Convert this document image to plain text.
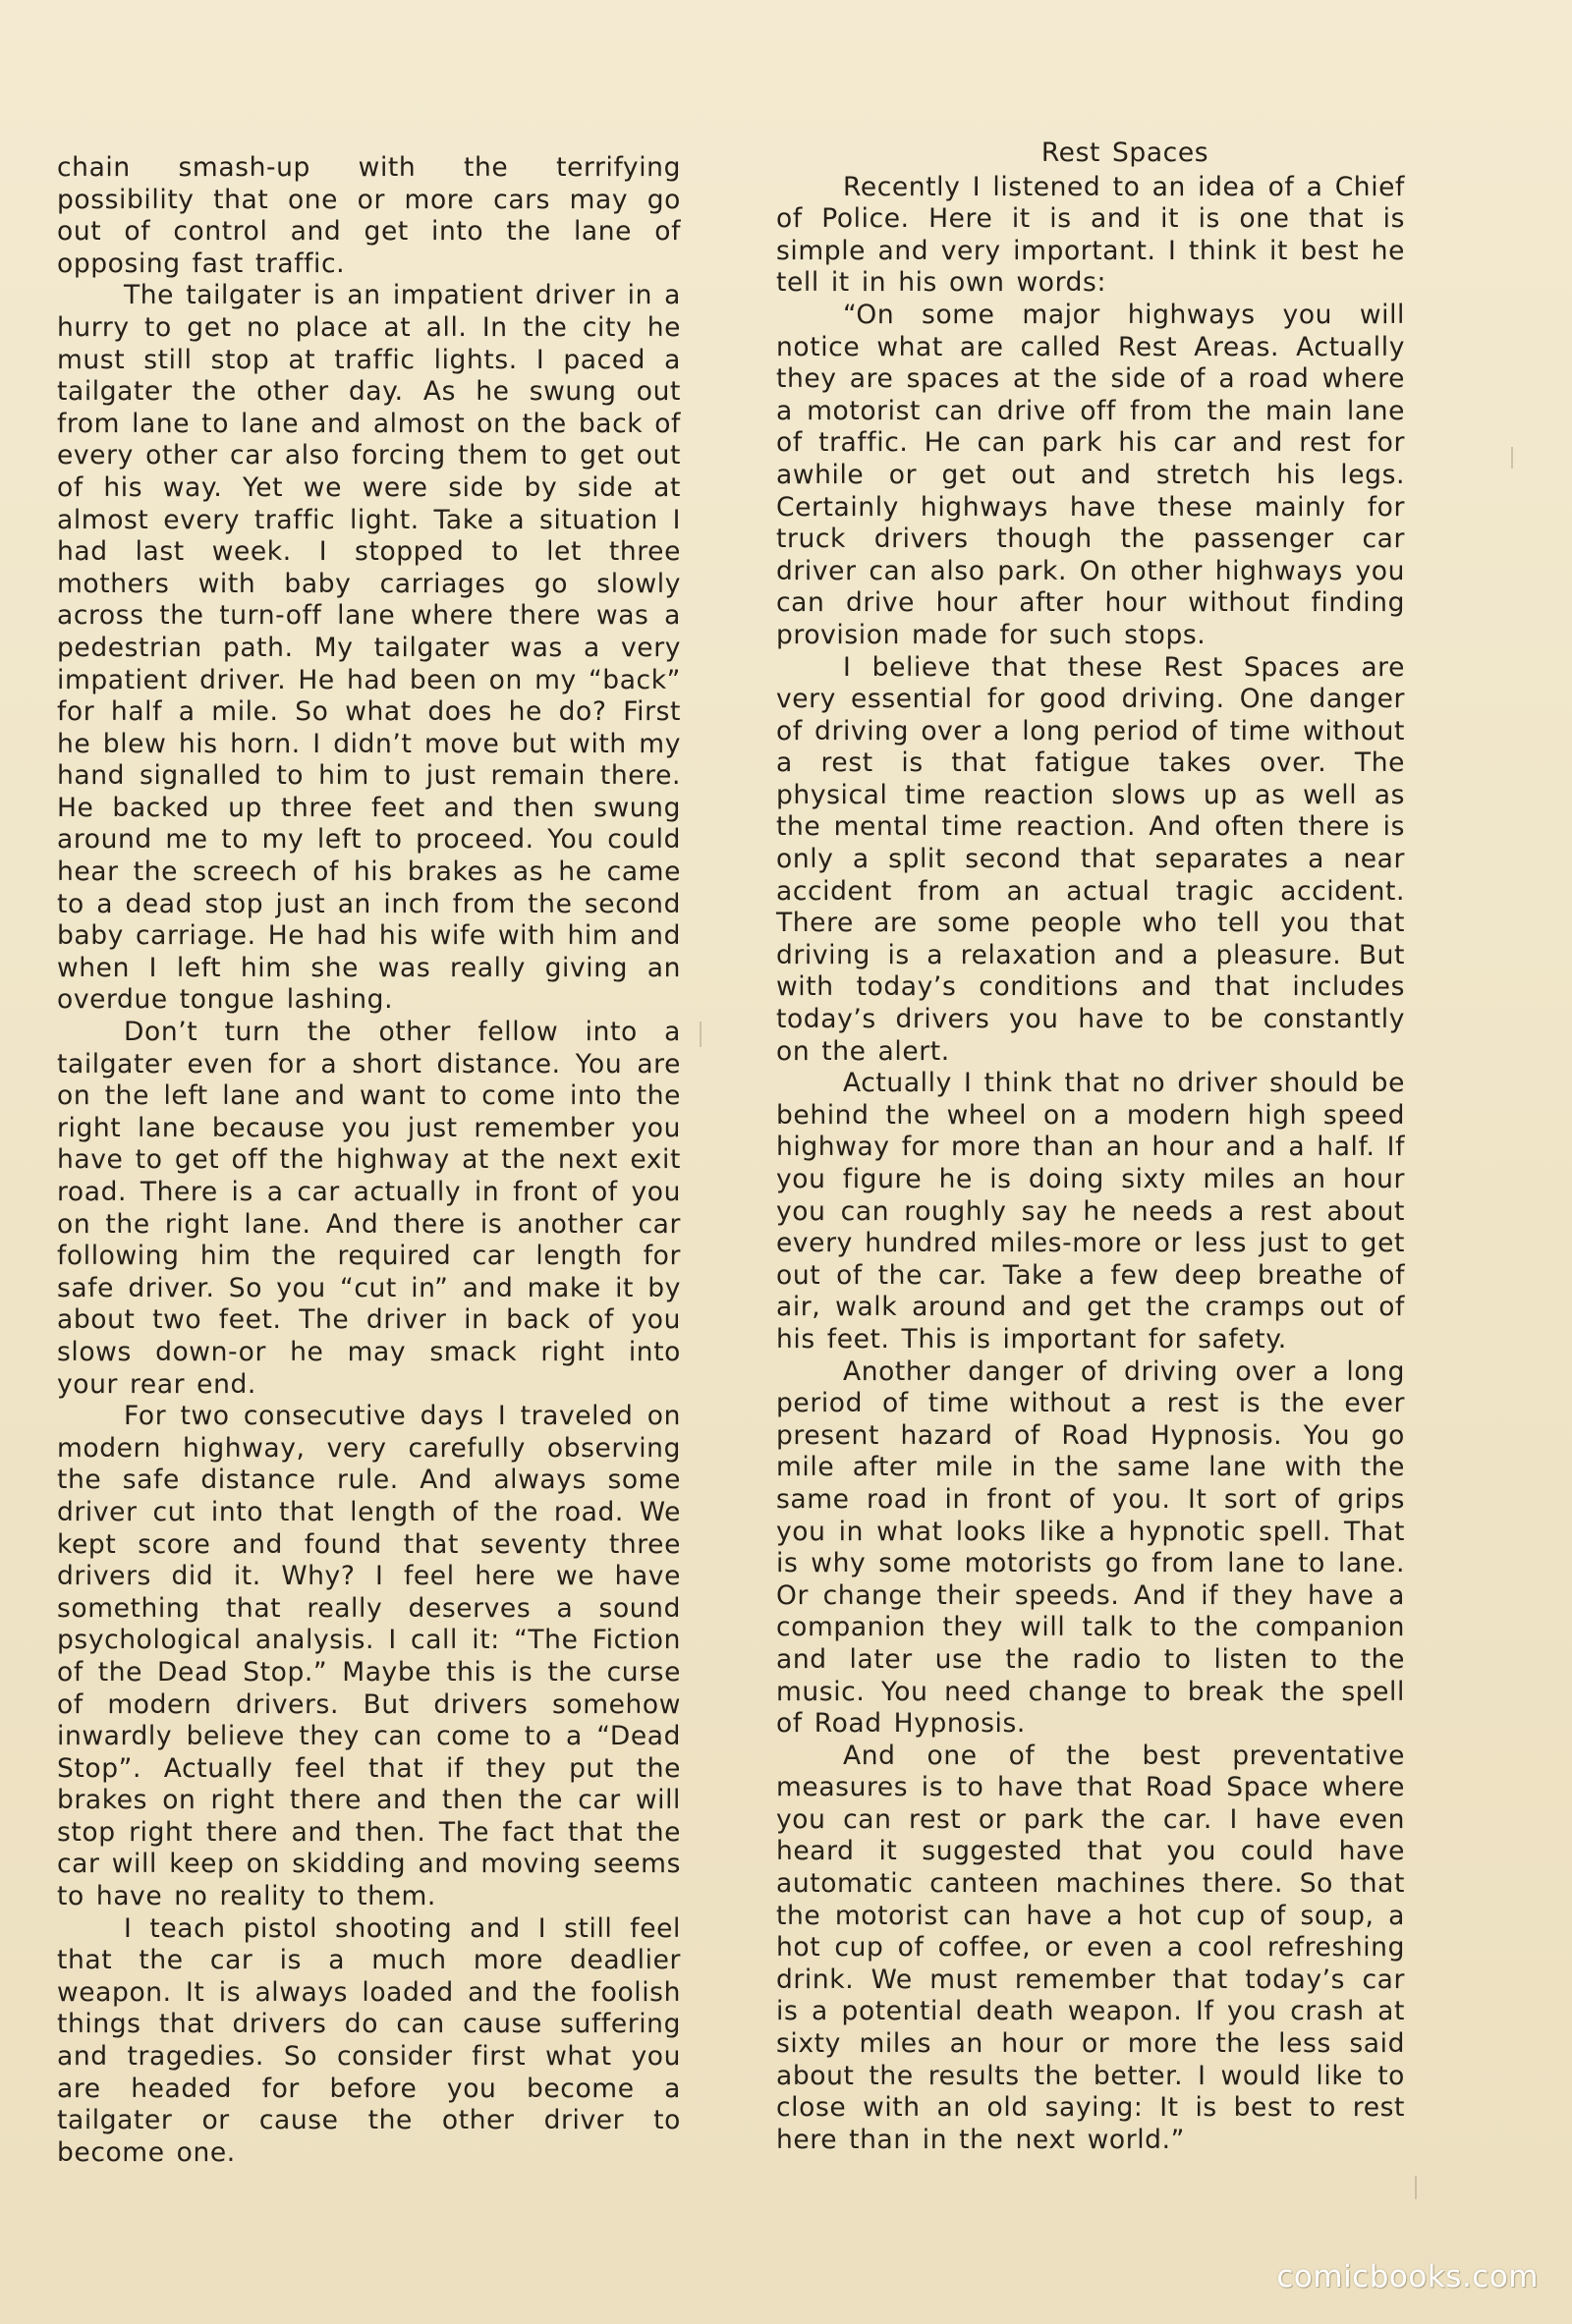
chain smash-up with the terrifying possibility that one or more cars may go out of control and get into the lane of opposing fast traffic.

The tailgater is an impatient driver in a hurry to get no place at all. In the city he must still stop at traffic lights. I paced a tailgater the other day. As he swung out from lane to lane and almost on the back of every other car also forcing them to get out of his way. Yet we were side by side at almost every traffic light. Take a situation I had last week. I stopped to let three mothers with baby carriages go slowly across the turn-off lane where there was a pedestrian path. My tailgater was a very impatient driver. He had been on my “back” for half a mile. So what does he do? First he blew his horn. I didn’t move but with my hand signalled to him to just remain there. He backed up three feet and then swung around me to my left to proceed. You could hear the screech of his brakes as he came to a dead stop just an inch from the second baby carriage. He had his wife with him and when I left him she was really giving an overdue tongue lashing.

Don’t turn the other fellow into a tailgater even for a short distance. You are on the left lane and want to come into the right lane because you just remember you have to get off the highway at the next exit road. There is a car actually in front of you on the right lane. And there is another car following him the required car length for safe driver. So you “cut in” and make it by about two feet. The driver in back of you slows down-or he may smack right into your rear end.

For two consecutive days I traveled on modern highway, very carefully observing the safe distance rule. And always some driver cut into that length of the road. We kept score and found that seventy three drivers did it. Why? I feel here we have something that really deserves a sound psychological analysis. I call it: “The Fiction of the Dead Stop.” Maybe this is the curse of modern drivers. But drivers somehow inwardly believe they can come to a “Dead Stop”. Actually feel that if they put the brakes on right there and then the car will stop right there and then. The fact that the car will keep on skidding and moving seems to have no reality to them.

I teach pistol shooting and I still feel that the car is a much more deadlier weapon. It is always loaded and the foolish things that drivers do can cause suffering and tragedies. So consider first what you are headed for before you become a tailgater or cause the other driver to become one.

Rest Spaces

Recently I listened to an idea of a Chief of Police. Here it is and it is one that is simple and very important. I think it best he tell it in his own words:

“On some major highways you will notice what are called Rest Areas. Actually they are spaces at the side of a road where a motorist can drive off from the main lane of traffic. He can park his car and rest for awhile or get out and stretch his legs. Certainly highways have these mainly for truck drivers though the passenger car driver can also park. On other highways you can drive hour after hour without finding provision made for such stops.

I believe that these Rest Spaces are very essential for good driving. One danger of driving over a long period of time without a rest is that fatigue takes over. The physical time reaction slows up as well as the mental time reaction. And often there is only a split second that separates a near accident from an actual tragic accident. There are some people who tell you that driving is a relaxation and a pleasure. But with today’s conditions and that includes today’s drivers you have to be constantly on the alert.

Actually I think that no driver should be behind the wheel on a modern high speed highway for more than an hour and a half. If you figure he is doing sixty miles an hour you can roughly say he needs a rest about every hundred miles-more or less just to get out of the car. Take a few deep breathe of air, walk around and get the cramps out of his feet. This is important for safety.

Another danger of driving over a long period of time without a rest is the ever present hazard of Road Hypnosis. You go mile after mile in the same lane with the same road in front of you. It sort of grips you in what looks like a hypnotic spell. That is why some motorists go from lane to lane. Or change their speeds. And if they have a companion they will talk to the companion and later use the radio to listen to the music. You need change to break the spell of Road Hypnosis.

And one of the best preventative measures is to have that Road Space where you can rest or park the car. I have even heard it suggested that you could have automatic canteen machines there. So that the motorist can have a hot cup of soup, a hot cup of coffee, or even a cool refreshing drink. We must remember that today’s car is a potential death weapon. If you crash at sixty miles an hour or more the less said about the results the better. I would like to close with an old saying: It is best to rest here than in the next world.”

comicbooks.com
